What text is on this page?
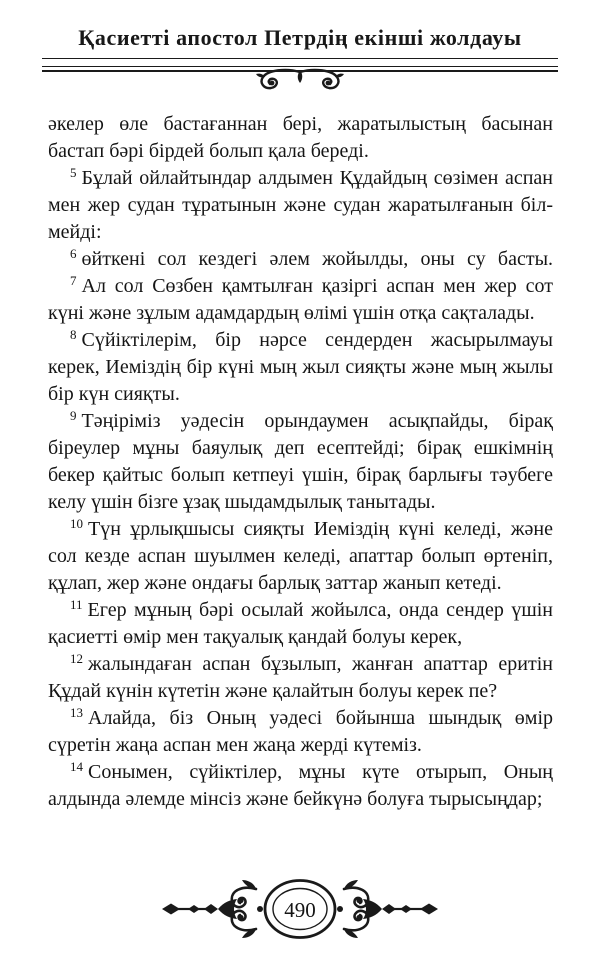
Қасиетті апостол Петрдің екінші жолдауы
әкелер өле бастағаннан бері, жаратылыстың басынан
бастап бәрі бірдей болып қала береді.
$^5$ Бұлай ойлайтындар алдымен Құдайдың сөзімен аспан
мен жер судан тұратынын және судан жаратылғанын біл-
мейді:
$^6$ өйткені сол кездегі әлем жойылды, оны су басты.
$^7$ Ал сол Сөзбен қамтылған қазіргі аспан мен жер сот
күні және зұлым адамдардың өлімі үшін отқа сақталады.
$^8$ Сүйіктілерім, бір нәрсе сендерден жасырылмауы
керек, Иеміздің бір күні мың жыл сияқты және мың жылы
бір күн сияқты.
$^9$ Тәңіріміз уәдесін орындаумен асықпайды, бірақ
біреулер мұны баяулық деп есептейді; бірақ ешкімнің
бекер қайтыс болып кетпеуі үшін, бірақ барлығы тәубеге
келу үшін бізге ұзақ шыдамдылық танытады.
$^{10}$ Түн ұрлықшысы сияқты Иеміздің күні келеді, және
сол кезде аспан шуылмен келеді, апаттар болып өртеніп,
құлап, жер және ондағы барлық заттар жанып кетеді.
$^{11}$ Егер мұның бәрі осылай жойылса, онда сендер үшін
қасиетті өмір мен тақуалық қандай болуы керек,
$^{12}$ жалындаған аспан бұзылып, жанған апаттар еритін
Құдай күнін күтетін және қалайтын болуы керек пе?
$^{13}$ Алайда, біз Оның уәдесі бойынша шындық өмір
сүретін жаңа аспан мен жаңа жерді күтеміз.
$^{14}$ Сонымен, сүйіктілер, мұны күте отырып, Оның
алдында әлемде мінсіз және бейкүнә болуға тырысыңдар;
490
